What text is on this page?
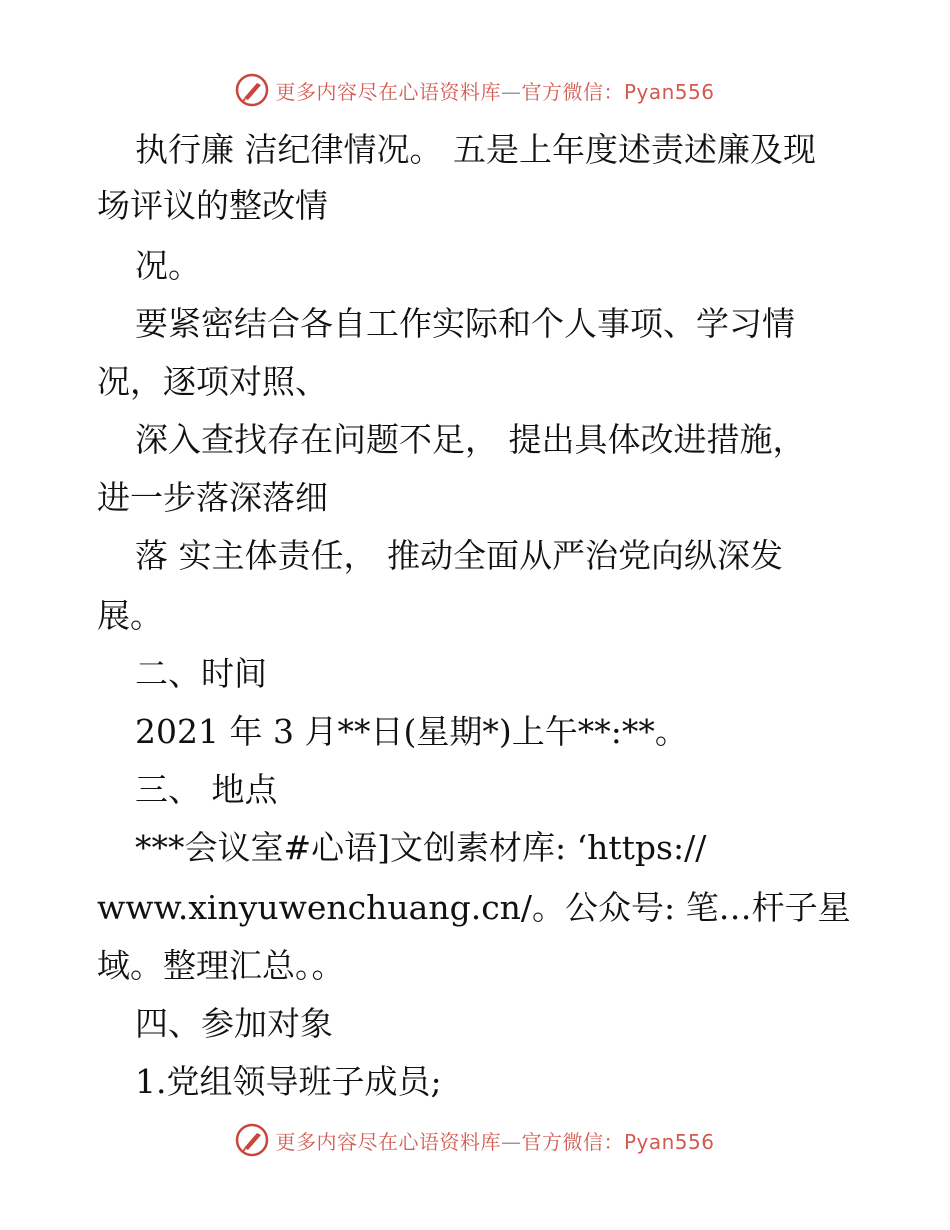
更多内容尽在心语资料库—官方微信：Pyan556
执行廉 洁纪律情况。 五是上年度述责述廉及现
场评议的整改情
况。
要紧密结合各自工作实际和个人事项、学习情
况，逐项对照、
深入查找存在问题不足， 提出具体改进措施，
进一步落深落细
落 实主体责任， 推动全面从严治党向纵深发
展。
二、时间
2021 年 3 月**日(星期*)上午**:**。
三、 地点
***会议室#心语]文创素材库: ‘https://
www.xinyuwenchuang.cn/。公众号: 笔…杆子星
域。整理汇总。。
四、参加对象
1.党组领导班子成员;
更多内容尽在心语资料库—官方微信：Pyan556
